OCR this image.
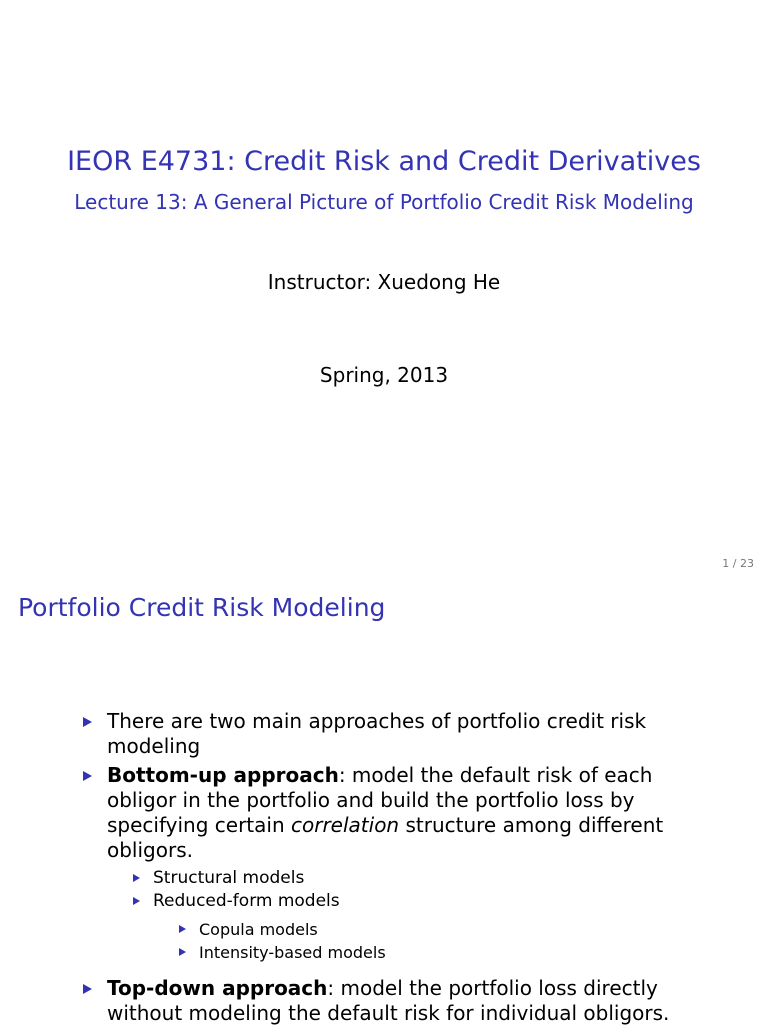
IEOR E4731: Credit Risk and Credit Derivatives
Lecture 13: A General Picture of Portfolio Credit Risk Modeling
Instructor: Xuedong He
Spring, 2013
1 / 23
Portfolio Credit Risk Modeling
There are two main approaches of portfolio credit risk modeling
Bottom-up approach: model the default risk of each obligor in the portfolio and build the portfolio loss by specifying certain correlation structure among different obligors.
Structural models
Reduced-form models
Copula models
Intensity-based models
Top-down approach: model the portfolio loss directly without modeling the default risk for individual obligors.
